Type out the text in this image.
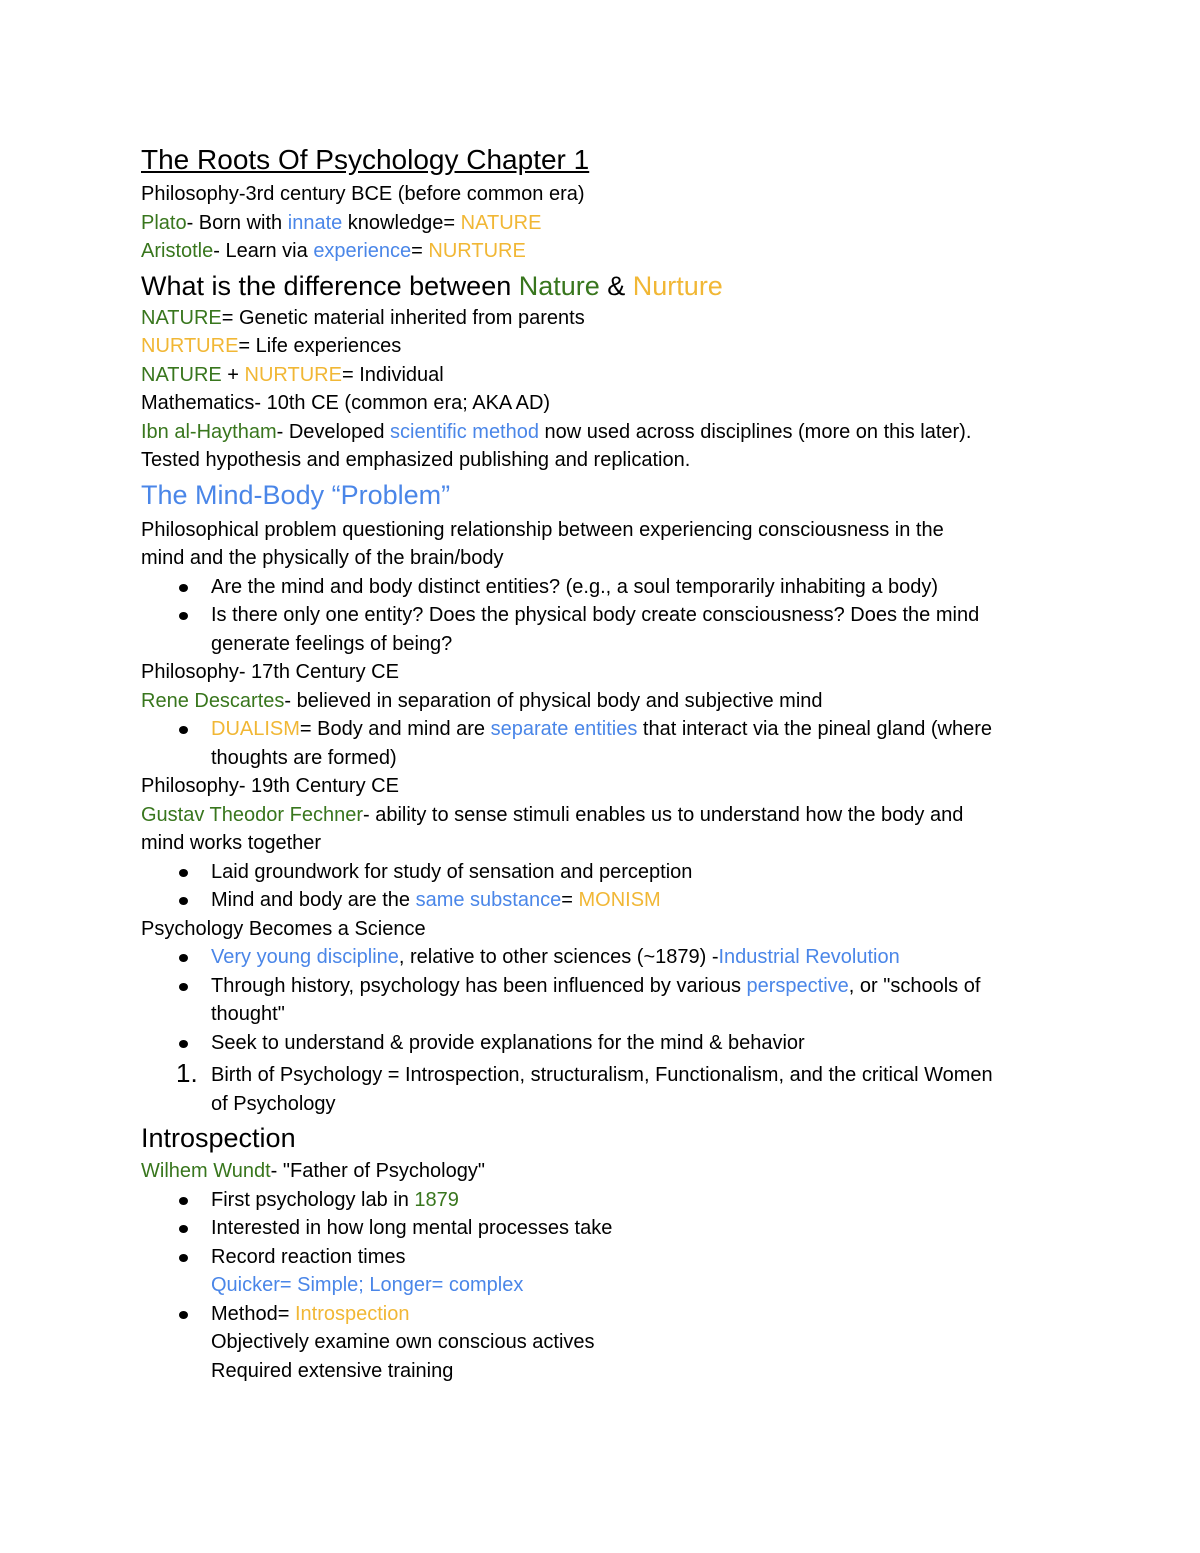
The Roots Of Psychology Chapter 1

Philosophy-3rd century BCE (before common era)

Plato- Born with innate knowledge= NATURE

Aristotle- Learn via experience= NURTURE

What is the difference between Nature & Nurture

NATURE= Genetic material inherited from parents

NURTURE= Life experiences

NATURE + NURTURE= Individual

Mathematics- 10th CE (common era; AKA AD)

Ibn al-Haytham- Developed scientific method now used across disciplines (more on this later).

Tested hypothesis and emphasized publishing and replication.

The Mind-Body “Problem”

Philosophical problem questioning relationship between experiencing consciousness in the

mind and the physically of the brain/body

Are the mind and body distinct entities? (e.g., a soul temporarily inhabiting a body)
Is there only one entity? Does the physical body create consciousness? Does the mind
generate feelings of being?

Philosophy- 17th Century CE

Rene Descartes- believed in separation of physical body and subjective mind

DUALISM= Body and mind are separate entities that interact via the pineal gland (where
thoughts are formed)

Philosophy- 19th Century CE

Gustav Theodor Fechner- ability to sense stimuli enables us to understand how the body and

mind works together

Laid groundwork for study of sensation and perception
Mind and body are the same substance= MONISM

Psychology Becomes a Science

Very young discipline, relative to other sciences (~1879) -Industrial Revolution
Through history, psychology has been influenced by various perspective, or "schools of
thought"
Seek to understand & provide explanations for the mind & behavior
1. Birth of Psychology = Introspection, structuralism, Functionalism, and the critical Women
of Psychology
Introspection

Wilhem Wundt- "Father of Psychology"

First psychology lab in 1879
Interested in how long mental processes take
Record reaction times
Quicker= Simple; Longer= complex
Method= Introspection
Objectively examine own conscious actives
Required extensive training
